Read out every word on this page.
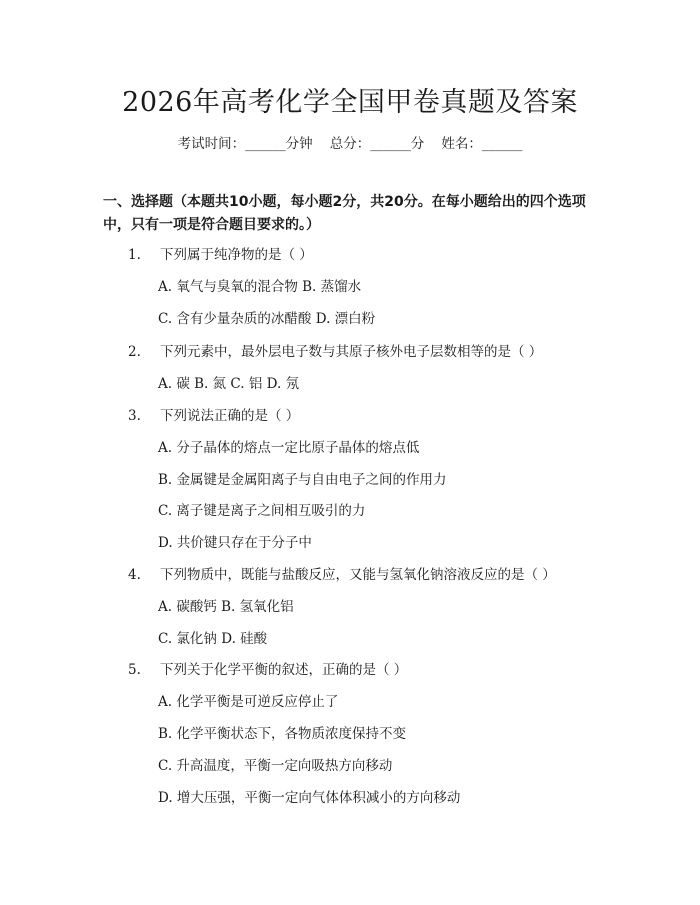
2026年高考化学全国甲卷真题及答案
考试时间：______分钟    总分：______分    姓名：______
一、选择题（本题共10小题，每小题2分，共20分。在每小题给出的四个选项中，只有一项是符合题目要求的。）
1. 下列属于纯净物的是（ ）
A. 氧气与臭氧的混合物 B. 蒸馏水
C. 含有少量杂质的冰醋酸 D. 漂白粉
2. 下列元素中，最外层电子数与其原子核外电子层数相等的是（ ）
A. 碳 B. 氮 C. 铝 D. 氖
3. 下列说法正确的是（ ）
A. 分子晶体的熔点一定比原子晶体的熔点低
B. 金属键是金属阳离子与自由电子之间的作用力
C. 离子键是离子之间相互吸引的力
D. 共价键只存在于分子中
4. 下列物质中，既能与盐酸反应，又能与氢氧化钠溶液反应的是（ ）
A. 碳酸钙 B. 氢氧化铝
C. 氯化钠 D. 硅酸
5. 下列关于化学平衡的叙述，正确的是（ ）
A. 化学平衡是可逆反应停止了
B. 化学平衡状态下，各物质浓度保持不变
C. 升高温度，平衡一定向吸热方向移动
D. 增大压强，平衡一定向气体体积减小的方向移动
